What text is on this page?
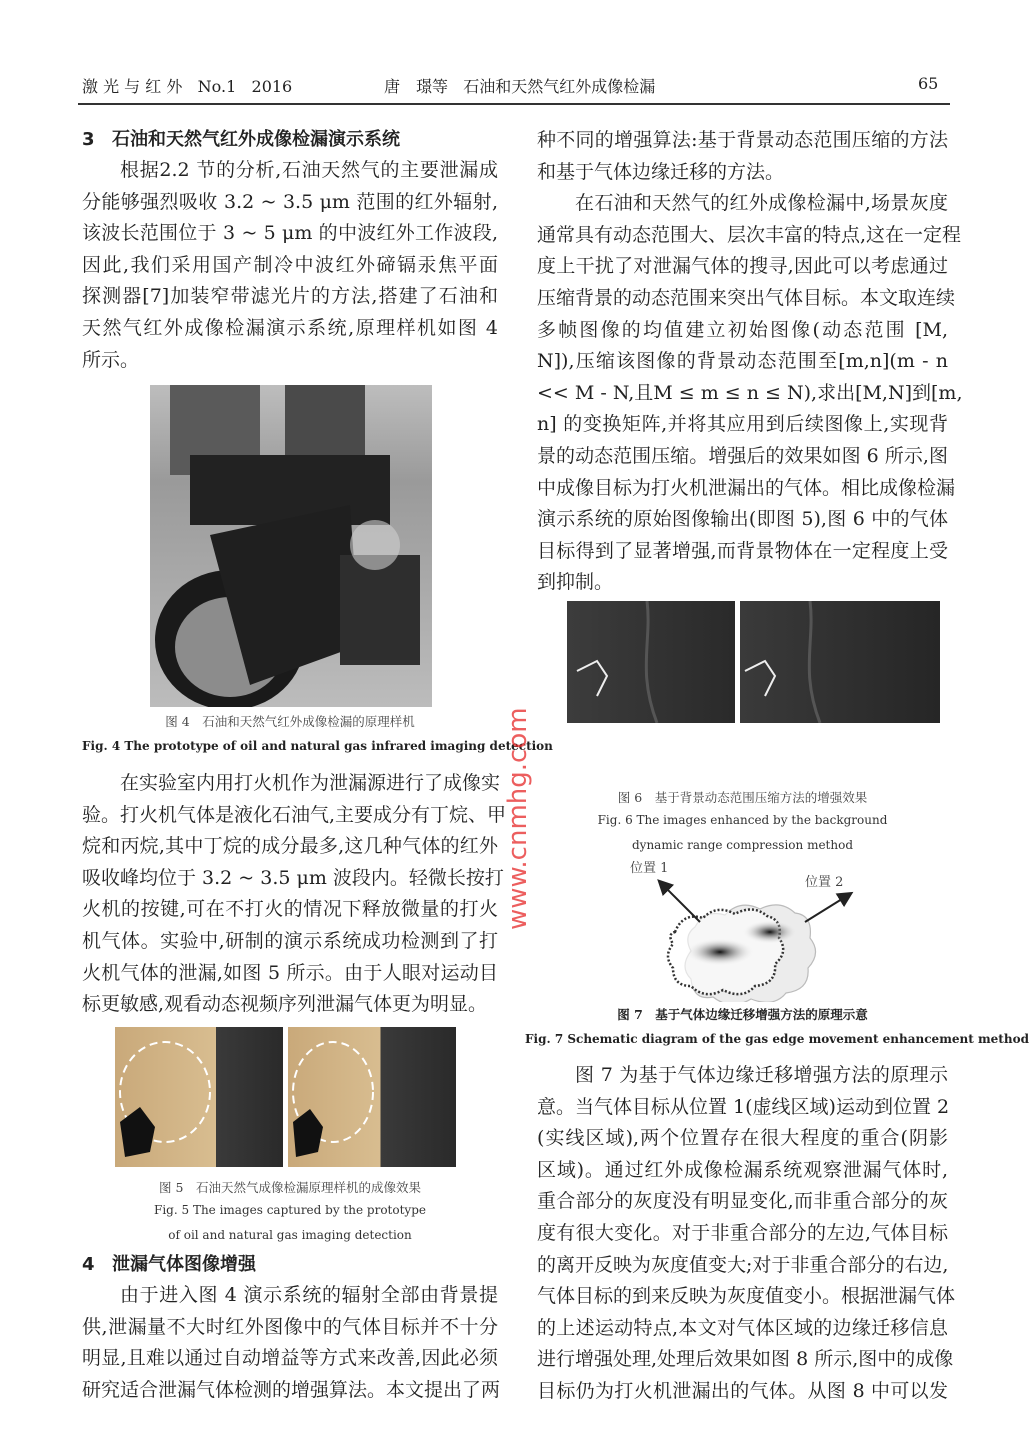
激 光 与 红 外 No.1 2016	唐　璟等 石油和天然气红外成像检漏	65
3 石油和天然气红外成像检漏演示系统
根据2.2 节的分析,石油天然气的主要泄漏成
分能够强烈吸收 3.2 ~ 3.5 μm 范围的红外辐射,
该波长范围位于 3 ~ 5 μm 的中波红外工作波段,
因此,我们采用国产制冷中波红外碲镉汞焦平面
探测器[7]加装窄带滤光片的方法,搭建了石油和
天然气红外成像检漏演示系统,原理样机如图 4
所示。
图 4　石油和天然气红外成像检漏的原理样机
Fig. 4 The prototype of oil and natural gas infrared imaging detection
在实验室内用打火机作为泄漏源进行了成像实
验。打火机气体是液化石油气,主要成分有丁烷、甲
烷和丙烷,其中丁烷的成分最多,这几种气体的红外
吸收峰均位于 3.2 ~ 3.5 μm 波段内。轻微长按打
火机的按键,可在不打火的情况下释放微量的打火
机气体。实验中,研制的演示系统成功检测到了打
火机气体的泄漏,如图 5 所示。由于人眼对运动目
标更敏感,观看动态视频序列泄漏气体更为明显。
图 5　石油天然气成像检漏原理样机的成像效果
Fig. 5 The images captured by the prototype
of oil and natural gas imaging detection
4 泄漏气体图像增强
由于进入图 4 演示系统的辐射全部由背景提
供,泄漏量不大时红外图像中的气体目标并不十分
明显,且难以通过自动增益等方式来改善,因此必须
研究适合泄漏气体检测的增强算法。本文提出了两
种不同的增强算法:基于背景动态范围压缩的方法
和基于气体边缘迁移的方法。
在石油和天然气的红外成像检漏中,场景灰度
通常具有动态范围大、层次丰富的特点,这在一定程
度上干扰了对泄漏气体的搜寻,因此可以考虑通过
压缩背景的动态范围来突出气体目标。本文取连续
多帧图像的均值建立初始图像(动态范围 [M,
N]),压缩该图像的背景动态范围至[m,n](m - n
<< M - N,且M ≤ m ≤ n ≤ N),求出[M,N]到[m,
n] 的变换矩阵,并将其应用到后续图像上,实现背
景的动态范围压缩。增强后的效果如图 6 所示,图
中成像目标为打火机泄漏出的气体。相比成像检漏
演示系统的原始图像输出(即图 5),图 6 中的气体
目标得到了显著增强,而背景物体在一定程度上受
到抑制。
图 6　基于背景动态范围压缩方法的增强效果
Fig. 6 The images enhanced by the background
dynamic range compression method
位置 1
位置 2
图 7　基于气体边缘迁移增强方法的原理示意
Fig. 7 Schematic diagram of the gas edge movement enhancement method
图 7 为基于气体边缘迁移增强方法的原理示
意。当气体目标从位置 1(虚线区域)运动到位置 2
(实线区域),两个位置存在很大程度的重合(阴影
区域)。通过红外成像检漏系统观察泄漏气体时,
重合部分的灰度没有明显变化,而非重合部分的灰
度有很大变化。对于非重合部分的左边,气体目标
的离开反映为灰度值变大;对于非重合部分的右边,
气体目标的到来反映为灰度值变小。根据泄漏气体
的上述运动特点,本文对气体区域的边缘迁移信息
进行增强处理,处理后效果如图 8 所示,图中的成像
目标仍为打火机泄漏出的气体。从图 8 中可以发
www.cnmhg.com
